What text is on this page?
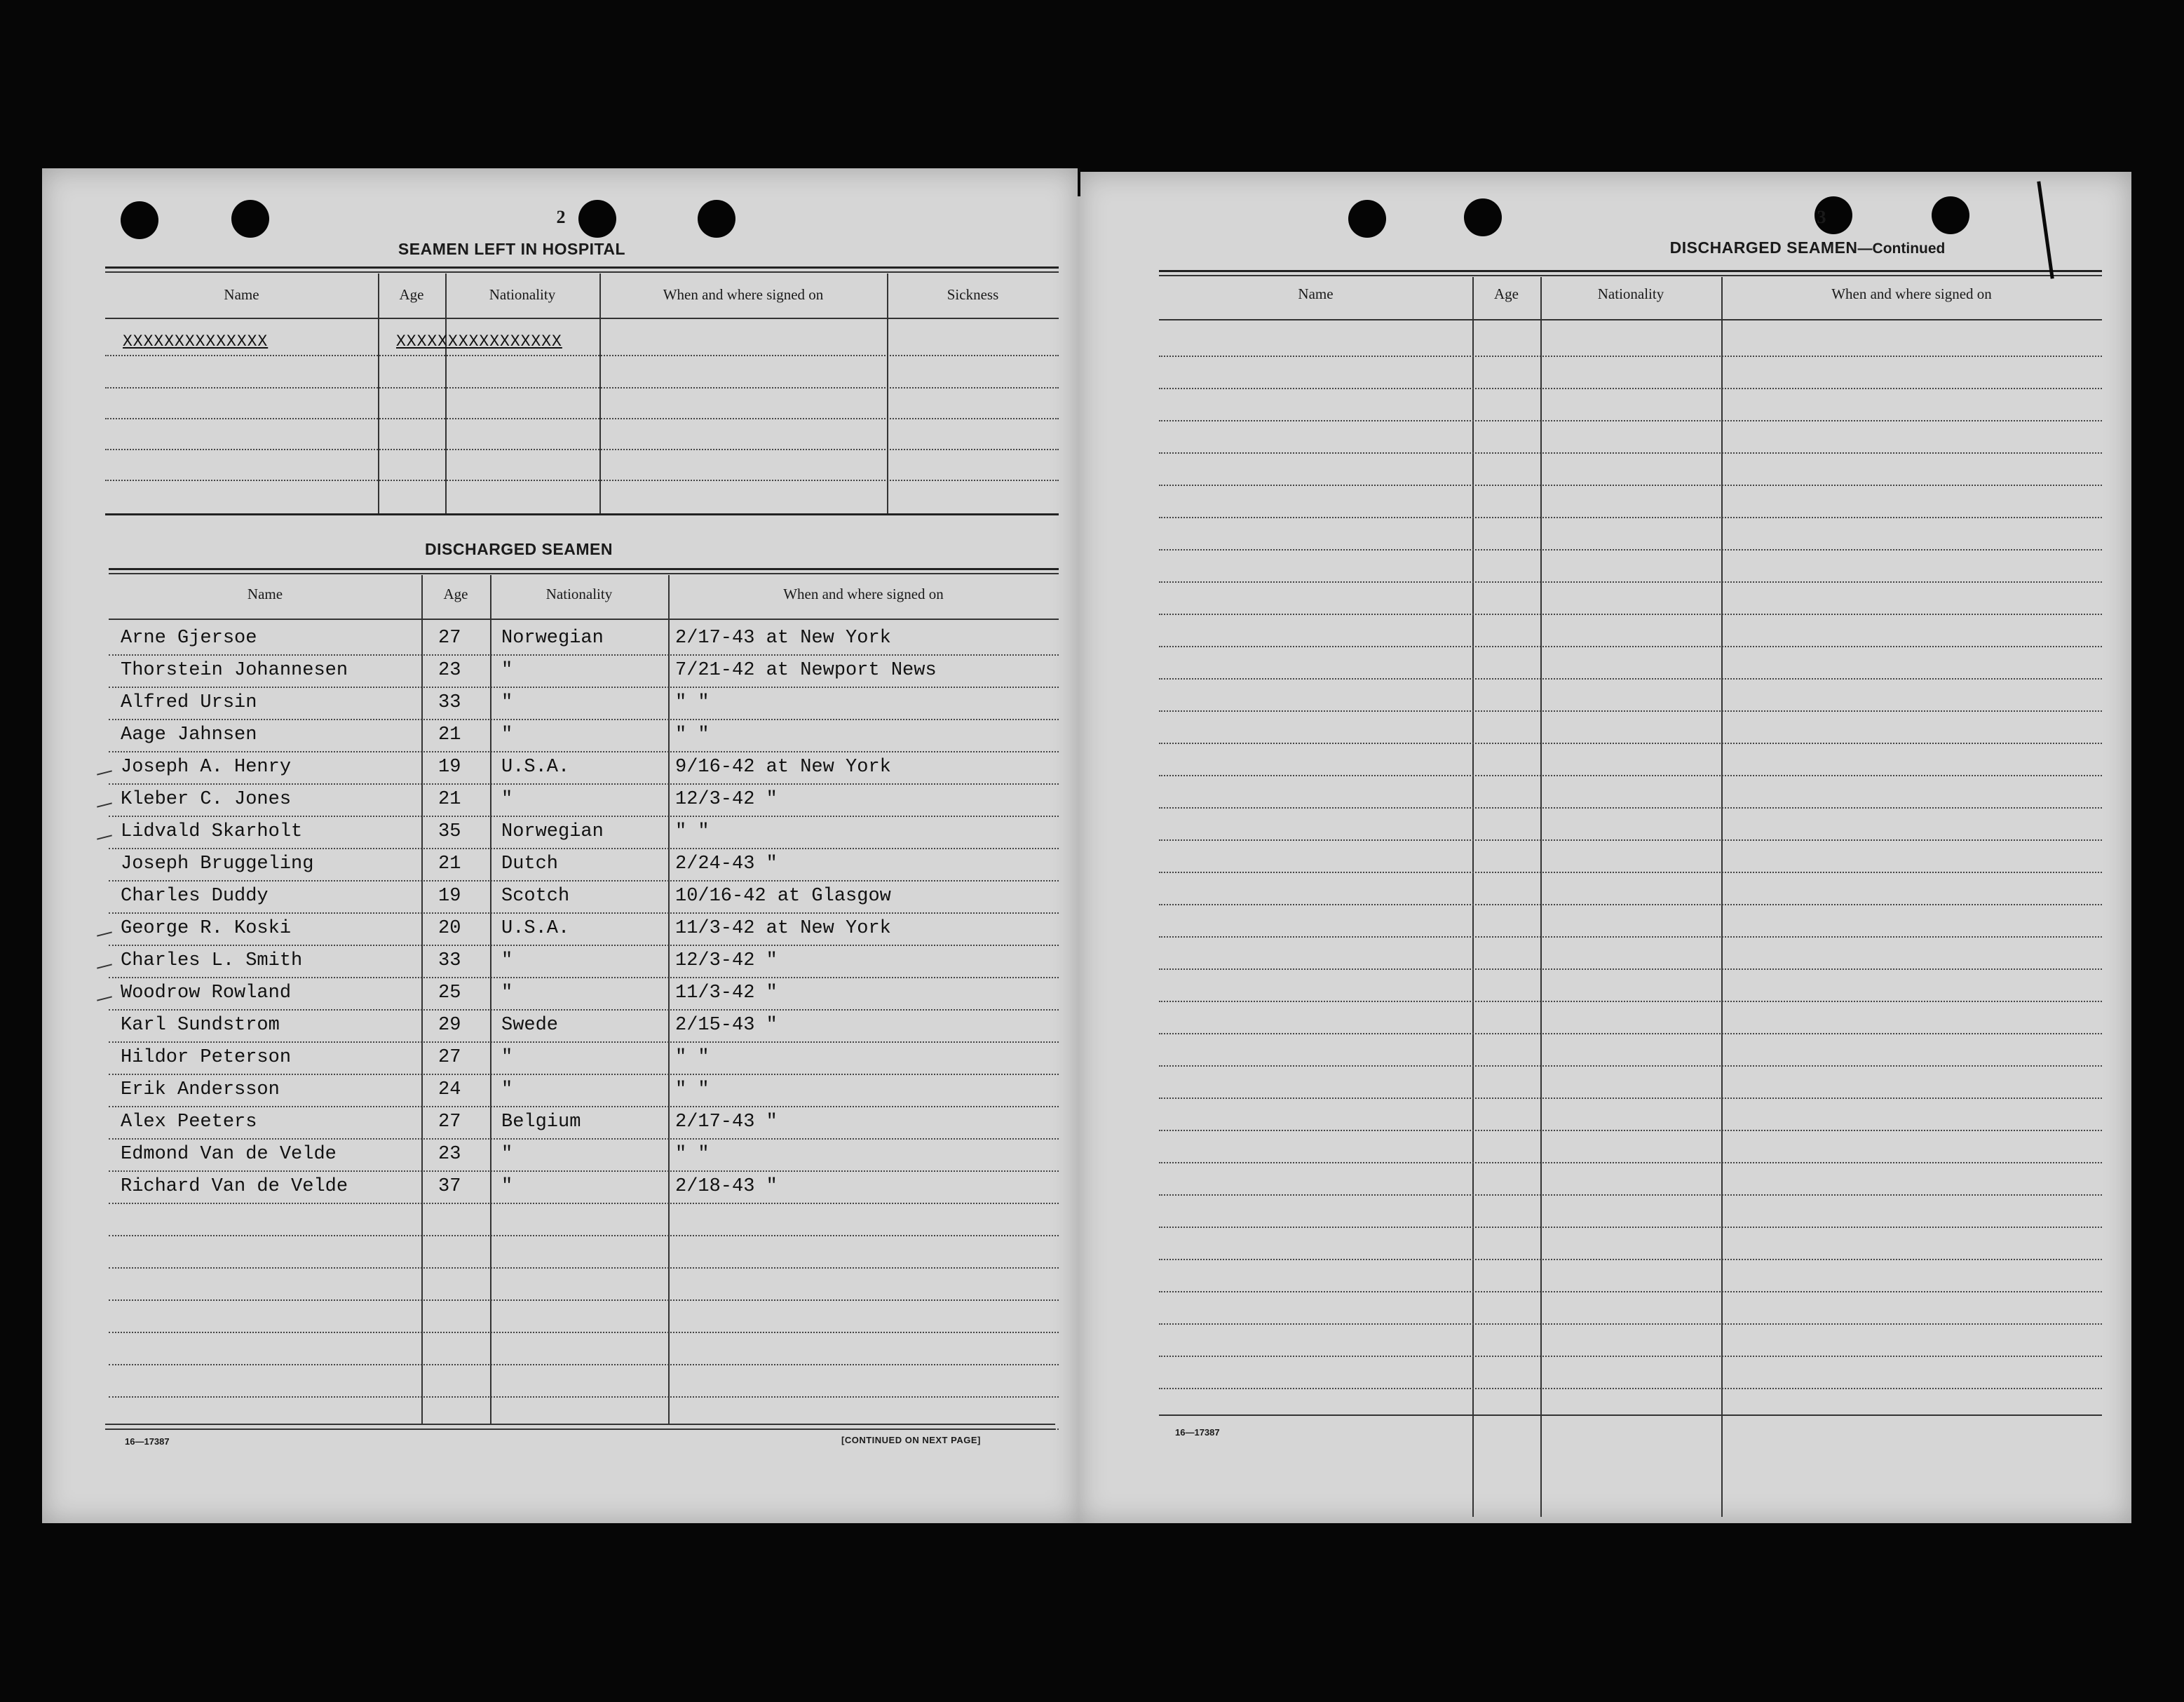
2
SEAMEN LEFT IN HOSPITAL
Name	Age	Nationality	When and where signed on	Sickness
XXXXXXXXXXXXXX	XXXXXXXXXXXXXXXX
DISCHARGED SEAMEN
Name	Age	Nationality	When and where signed on
Arne Gjersoe	27 Norwegian	2/17-43 at New York
Thorstein Johannesen	23 "	7/21-42 at Newport News
Alfred Ursin	33 "	" "
Aage Jahnsen	21 "	" "
Joseph A. Henry	19 U.S.A.	9/16-42 at New York
Kleber C. Jones	21 "	12/3-42 "
Lidvald Skarholt	35 Norwegian	" "
Joseph Bruggeling	21 Dutch	2/24-43 "
Charles Duddy	19 Scotch	10/16-42 at Glasgow
George R. Koski	20 U.S.A.	11/3-42 at New York
Charles L. Smith	33 "	12/3-42 "
Woodrow Rowland	25 "	11/3-42 "
Karl Sundstrom	29 Swede	2/15-43 "
Hildor Peterson	27 "	" "
Erik Andersson	24 "	" "
Alex Peeters	27 Belgium	2/17-43 "
Edmond Van de Velde	23 "	" "
Richard Van de Velde	37 "	2/18-43 "
16—17387	[CONTINUED ON NEXT PAGE]
3
DISCHARGED SEAMEN—Continued
Name	Age	Nationality	When and where signed on
16—17387
